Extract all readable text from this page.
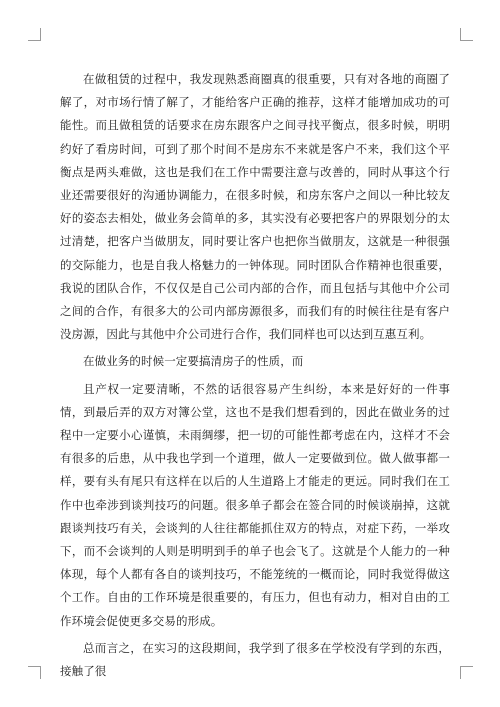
在做租赁的过程中，我发现熟悉商圈真的很重要，只有对各地的商圈了解了，对市场行情了解了，才能给客户正确的推荐，这样才能增加成功的可能性。而且做租赁的话要求在房东跟客户之间寻找平衡点，很多时候，明明约好了看房时间，可到了那个时间不是房东不来就是客户不来，我们这个平衡点是两头难做，这也是我们在工作中需要注意与改善的，同时从事这个行业还需要很好的沟通协调能力，在很多时候，和房东客户之间以一种比较友好的姿态去相处，做业务会简单的多，其实没有必要把客户的界限划分的太过清楚，把客户当做朋友，同时要让客户也把你当做朋友，这就是一种很强的交际能力，也是自我人格魅力的一钟体现。同时团队合作精神也很重要，我说的团队合作，不仅仅是自己公司内部的合作，而且包括与其他中介公司之间的合作，有很多大的公司内部房源很多，而我们有的时候往往是有客户没房源，因此与其他中介公司进行合作，我们同样也可以达到互惠互利。

在做业务的时候一定要搞清房子的性质，而

且产权一定要清晰，不然的话很容易产生纠纷，本来是好好的一件事情，到最后弄的双方对簿公堂，这也不是我们想看到的，因此在做业务的过程中一定要小心谨慎，未雨绸缪，把一切的可能性都考虑在内，这样才不会有很多的后患，从中我也学到一个道理，做人一定要做到位。做人做事都一样，要有头有尾只有这样在以后的人生道路上才能走的更远。同时我们在工作中也牵涉到谈判技巧的问题。很多单子都会在签合同的时候谈崩掉，这就跟谈判技巧有关，会谈判的人往往都能抓住双方的特点，对症下药，一举攻下，而不会谈判的人则是明明到手的单子也会飞了。这就是个人能力的一种体现，每个人都有各自的谈判技巧，不能笼统的一概而论，同时我觉得做这个工作。自由的工作环境是很重要的，有压力，但也有动力，相对自由的工作环境会促使更多交易的形成。

总而言之，在实习的这段期间，我学到了很多在学校没有学到的东西，接触了很
